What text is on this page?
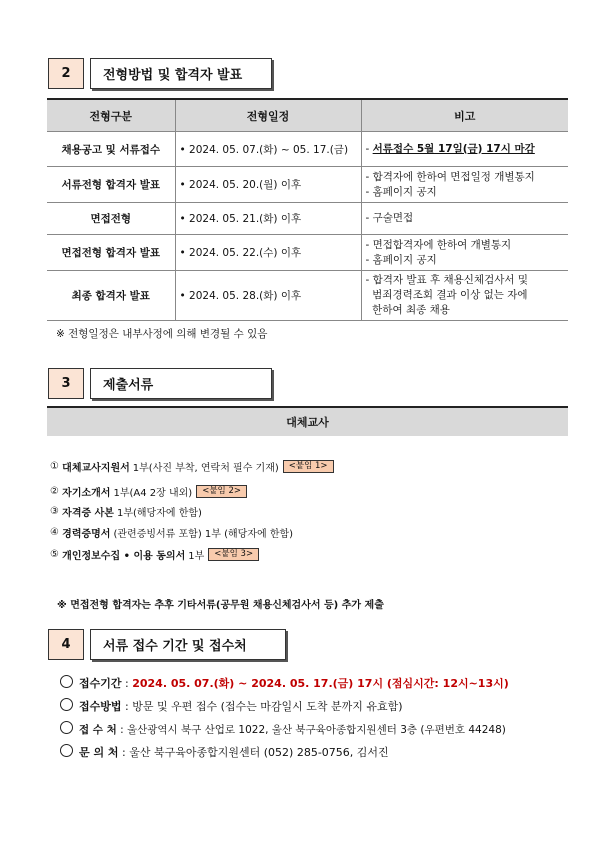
2	전형방법 및 합격자 발표
전형구분	전형일정	비고
채용공고 및 서류접수	• 2024. 05. 07.(화) ~ 05. 17.(금)	- 서류접수 5월 17일(금) 17시 마감
서류전형 합격자 발표	• 2024. 05. 20.(월) 이후	- 합격자에 한하여 면접일정 개별통지
- 홈페이지 공지

면접전형	• 2024. 05. 21.(화) 이후	- 구술면접
면접전형 합격자 발표	• 2024. 05. 22.(수) 이후	- 면접합격자에 한하여 개별통지
- 홈페이지 공지

최종 합격자 발표	• 2024. 05. 28.(화) 이후	- 합격자 발표 후 채용신체검사서 및
범죄경력조회 결과 이상 없는 자에
한하여 최종 채용
※ 전형일정은 내부사정에 의해 변경될 수 있음
3	제출서류
대체교사
①
대체교사지원서 1부(사진 부착, 연락처 필수 기재)	<붙임 1>
②
자기소개서 1부(A4 2장 내외)	<붙임 2>
③
자격증 사본 1부(해당자에 한함)
④
경력증명서 (관련증빙서류 포함) 1부 (해당자에 한함)
⑤
개인정보수집 • 이용 동의서 1부	<붙임 3>
※ 면접전형 합격자는 추후 기타서류(공무원 채용신체검사서 등) 추가 제출
4	서류 접수 기간 및 접수처
접수기간 : 2024. 05. 07.(화) ~ 2024. 05. 17.(금) 17시 (점심시간: 12시~13시)
접수방법 : 방문 및 우편 접수 (접수는 마감일시 도착 분까지 유효함)
접 수 처 : 울산광역시 북구 산업로 1022, 울산 북구육아종합지원센터 3층 (우편번호 44248)
문 의 처 : 울산 북구육아종합지원센터 (052) 285-0756, 김서진
